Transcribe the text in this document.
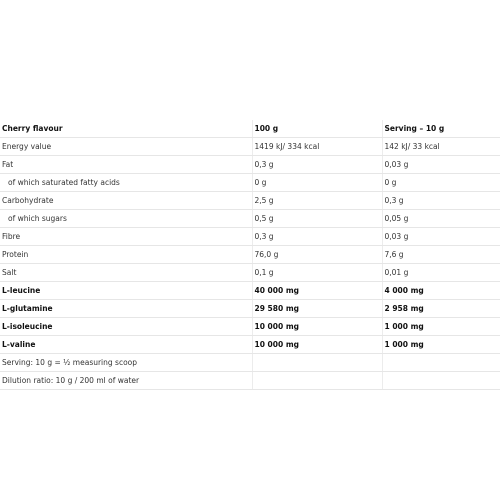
Cherry flavour	100 g	Serving – 10 g
Energy value	1419 kJ/ 334 kcal	142 kJ/ 33 kcal
Fat	0,3 g	0,03 g
of which saturated fatty acids	0 g	0 g
Carbohydrate	2,5 g	0,3 g
of which sugars	0,5 g	0,05 g
Fibre	0,3 g	0,03 g
Protein	76,0 g	7,6 g
Salt	0,1 g	0,01 g
L-leucine	40 000 mg	4 000 mg
L-glutamine	29 580 mg	2 958 mg
L-isoleucine	10 000 mg	1 000 mg
L-valine	10 000 mg	1 000 mg
Serving: 10 g = ½ measuring scoop		
Dilution ratio: 10 g / 200 ml of water		
